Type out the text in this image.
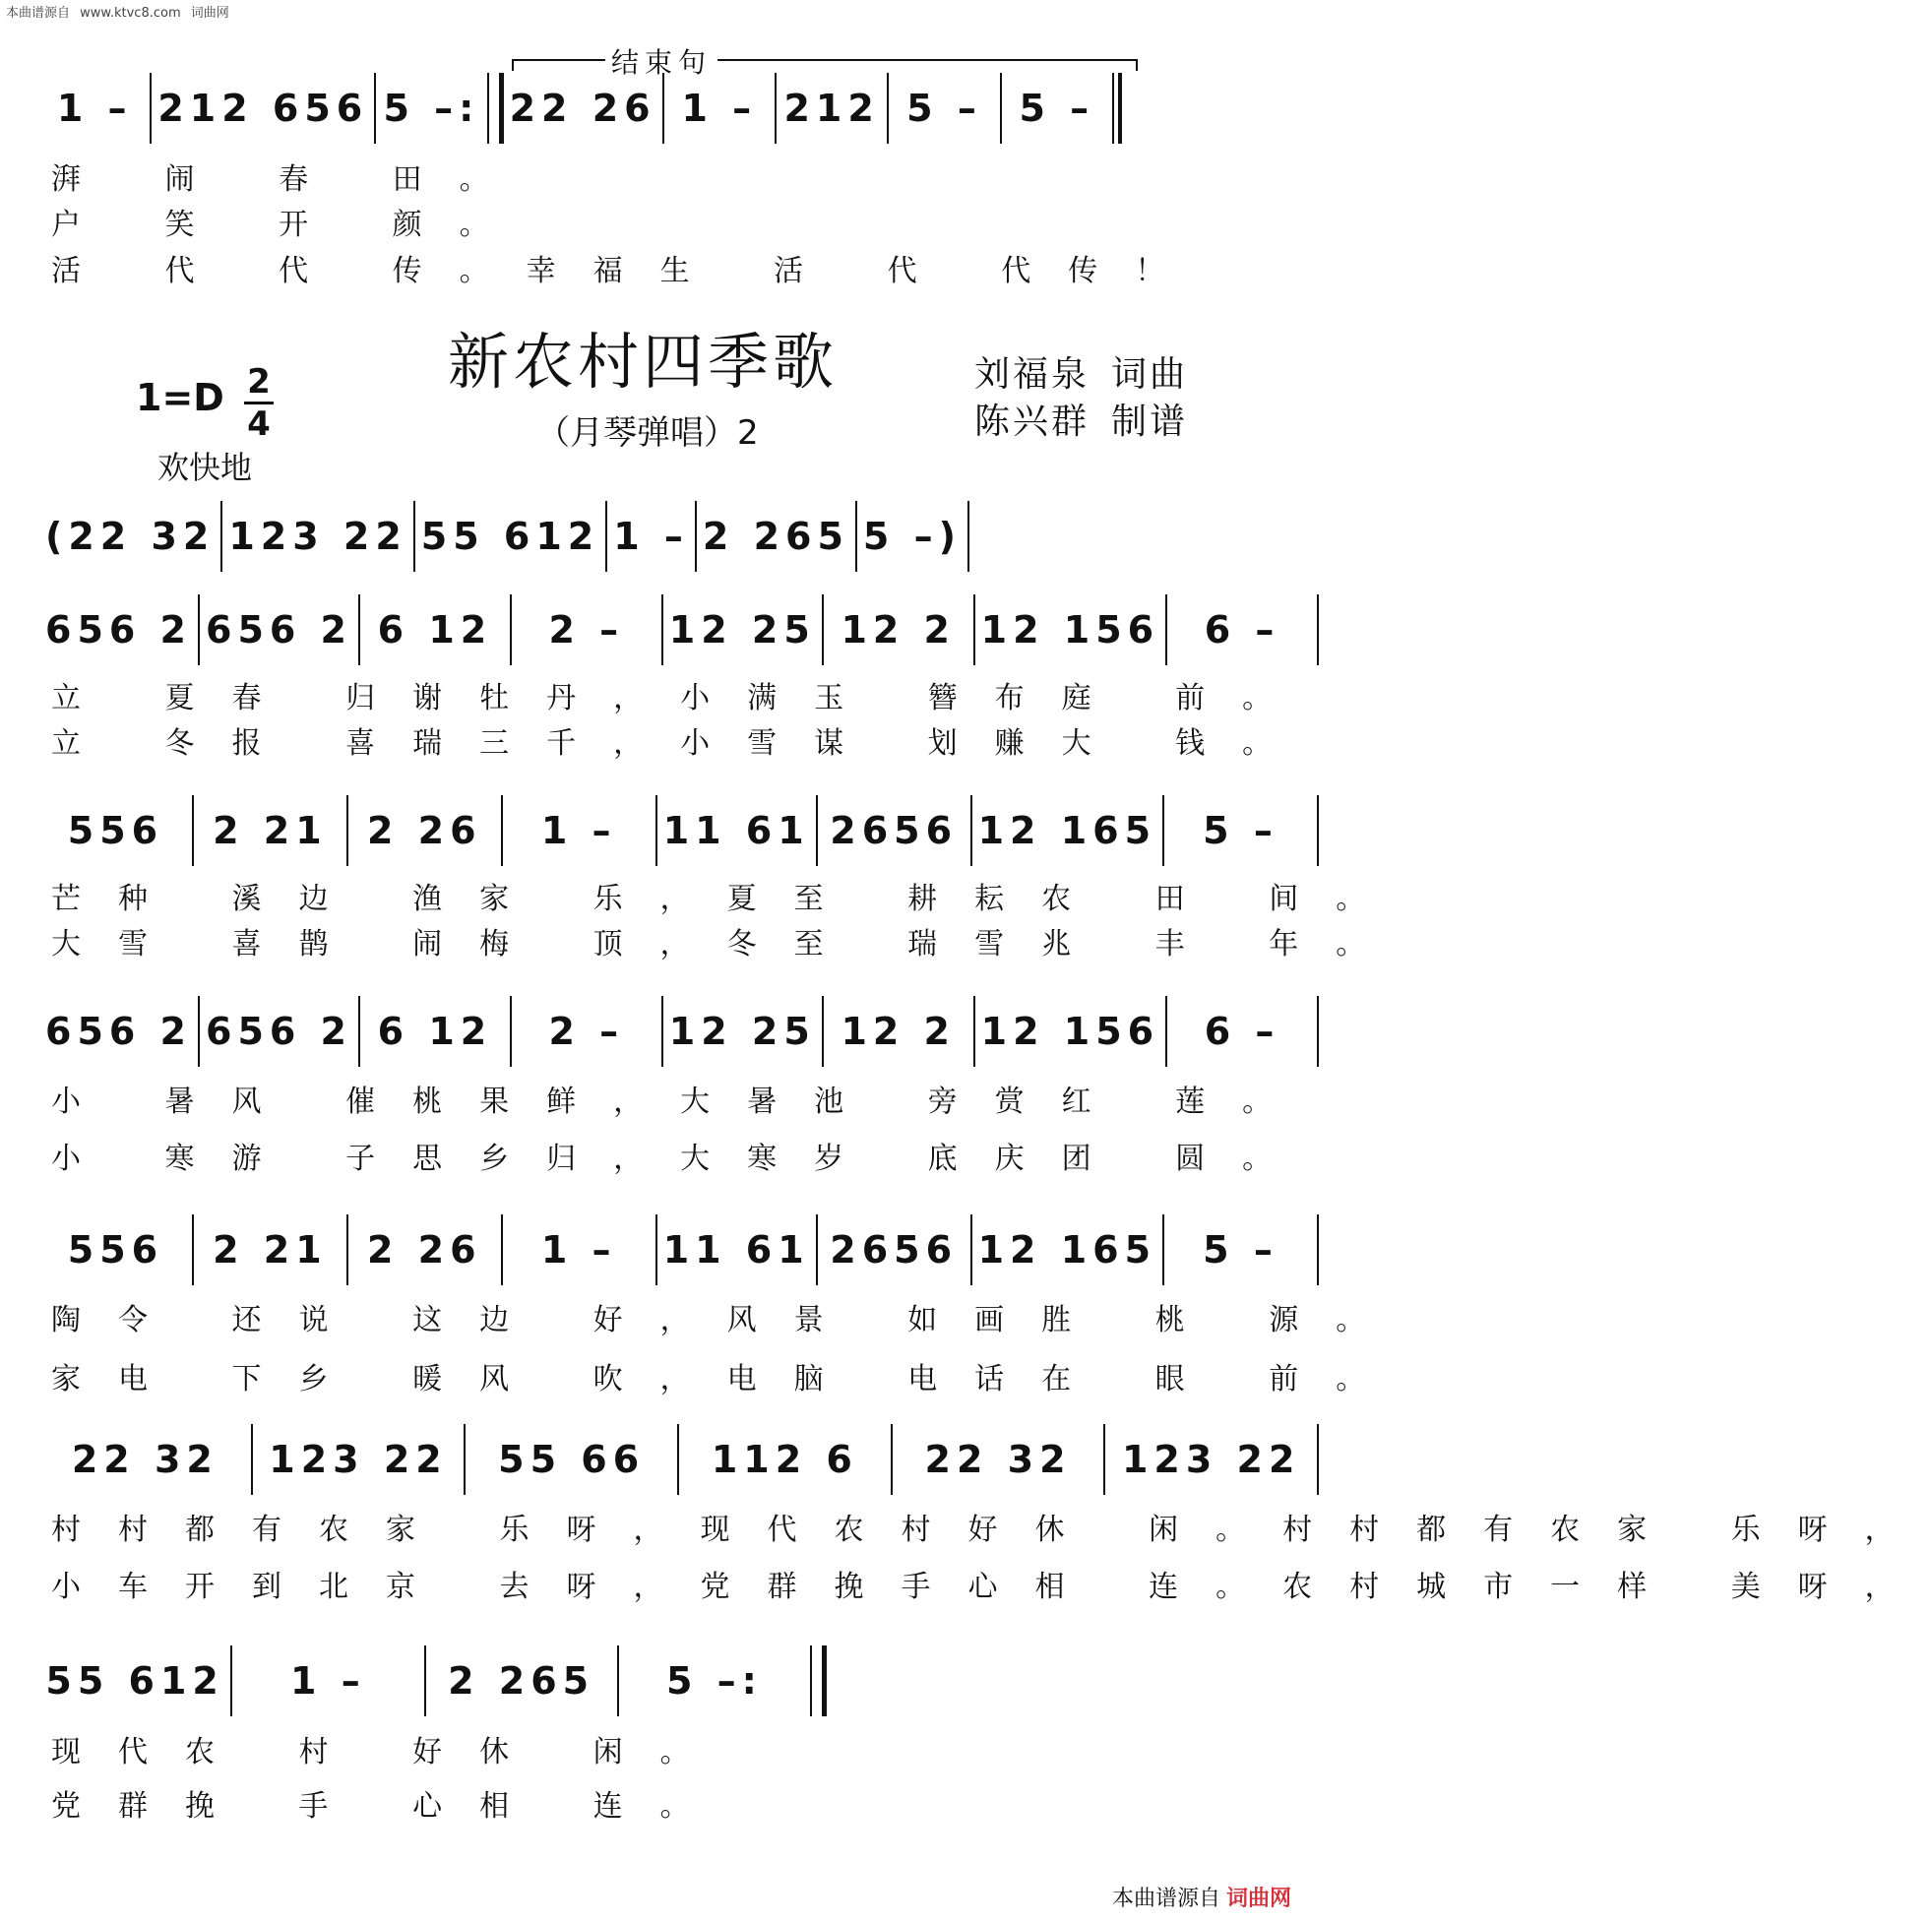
本曲谱源自 www.ktvc8.com 词曲网
结束句
新农村四季歌
（月琴弹唱）2
1=D 2
4
欢快地
刘福泉 词曲
陈兴群 制谱
1 – 212 656 5 –: 22 26 1 – 212 5 – 5 –
湃 闹 春 田。
户 笑 开 颜。
活 代 代 传。幸福生 活 代 代传！
(22 32 123 22 55 612 1 – 2 265 5 –)
656 2 656 2 6 12	2 –	12 25 12 2 12 156	6 –
立 夏春 归谢牡丹，小满玉 簪布庭 前。
立 冬报 喜瑞三千，小雪谋 划赚大 钱。
556	2 21	2 26	1 –	11 61 2656 12 165	5 –
芒种 溪边 渔家 乐，夏至 耕耘农 田 间。
大雪 喜鹊 闹梅 顶，冬至 瑞雪兆 丰 年。
656 2 656 2 6 12	2 –	12 25 12 2 12 156	6 –
小 暑风 催桃果鲜，大暑池 旁赏红 莲。
小 寒游 子思乡归，大寒岁 底庆团 圆。
556	2 21	2 26	1 –	11 61 2656 12 165	5 –
陶令 还说 这边 好，风景 如画胜 桃 源。
家电 下乡 暖风 吹，电脑 电话在 眼 前。
22 32	123 22	55 66	112 6	22 32	123 22
村村都有农家 乐呀，现代农村好休 闲。村村都有农家 乐呀，
小车开到北京 去呀，党群挽手心相 连。农村城市一样 美呀，
55 612	1 –	2 265	5 –:
现代农 村 好休 闲。
党群挽 手 心相 连。
本曲谱源自 词曲网
